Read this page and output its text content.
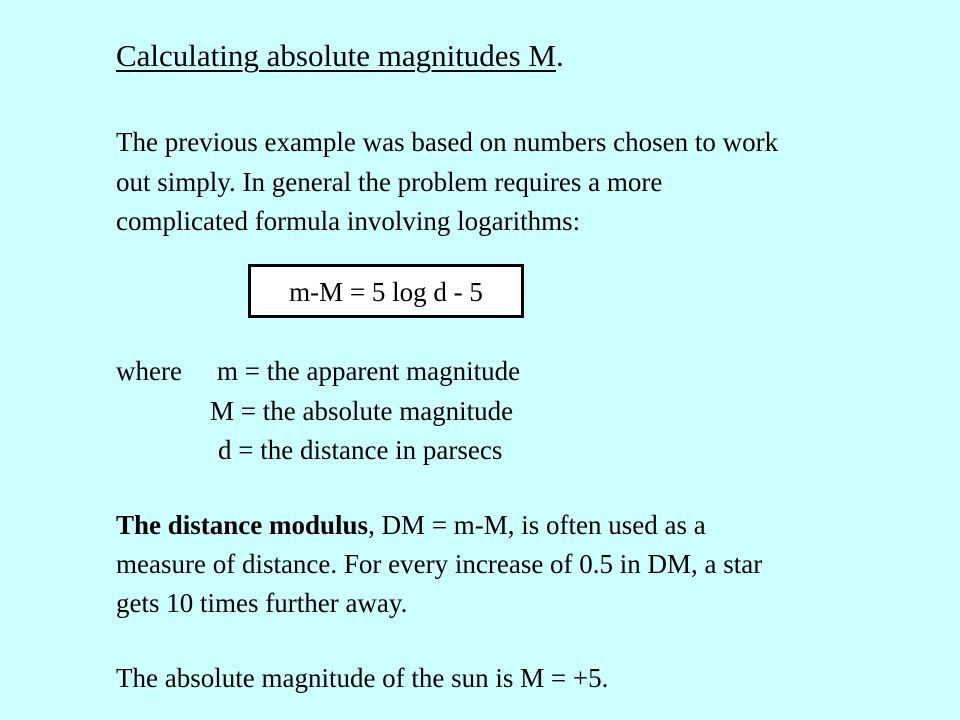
Calculating absolute magnitudes M.
The previous example was based on numbers chosen to work
out simply. In general the problem requires a more
complicated formula involving logarithms:
m-M = 5 log d - 5
where m = the apparent magnitude
M = the absolute magnitude
d = the distance in parsecs
The distance modulus, DM = m-M, is often used as a
measure of distance. For every increase of 0.5 in DM, a star
gets 10 times further away.
The absolute magnitude of the sun is M = +5.
